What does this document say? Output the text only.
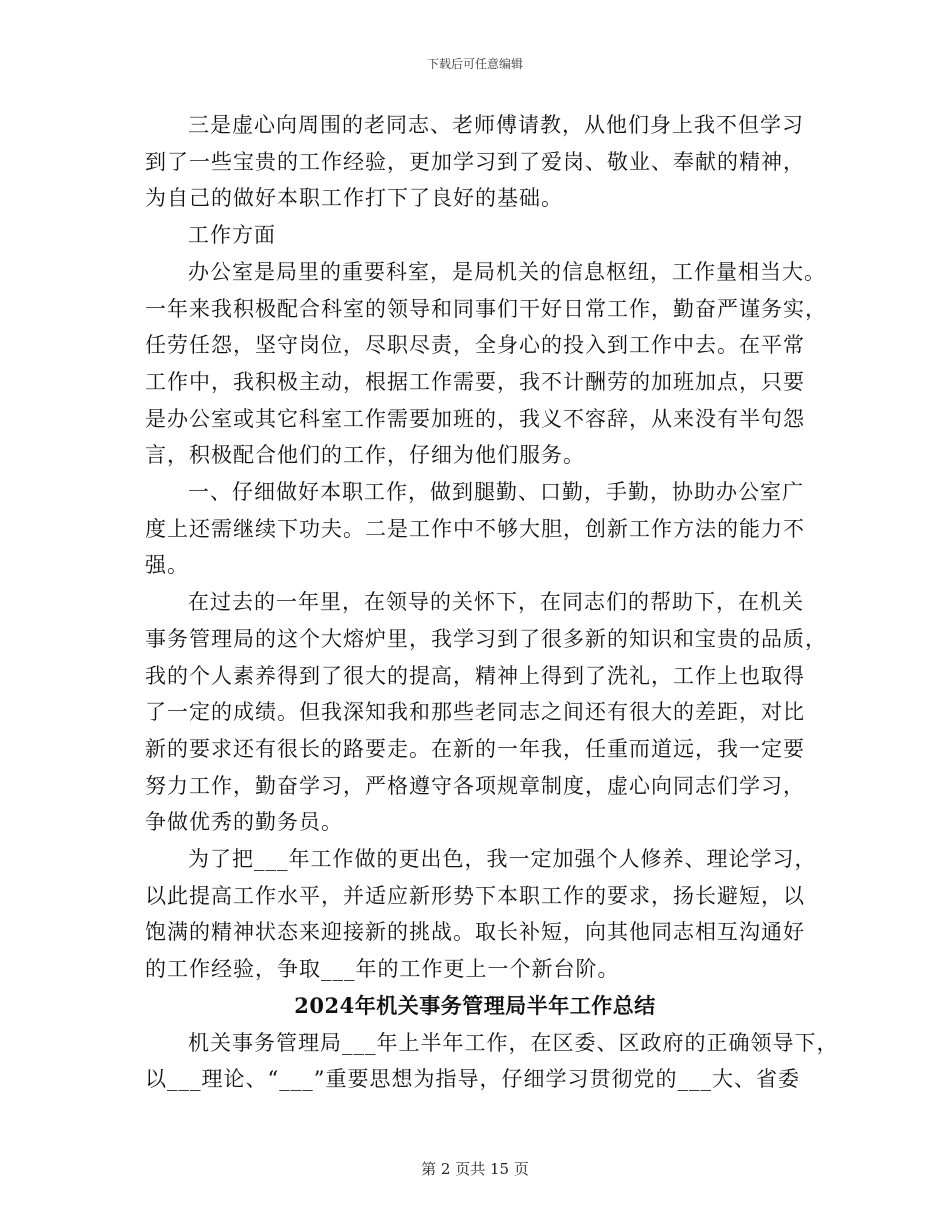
下载后可任意编辑
三是虚心向周围的老同志、老师傅请教，从他们身上我不但学习
到了一些宝贵的工作经验，更加学习到了爱岗、敬业、奉献的精神，
为自己的做好本职工作打下了良好的基础。
工作方面
办公室是局里的重要科室，是局机关的信息枢纽，工作量相当大。
一年来我积极配合科室的领导和同事们干好日常工作，勤奋严谨务实，
任劳任怨，坚守岗位，尽职尽责，全身心的投入到工作中去。在平常
工作中，我积极主动，根据工作需要，我不计酬劳的加班加点，只要
是办公室或其它科室工作需要加班的，我义不容辞，从来没有半句怨
言，积极配合他们的工作，仔细为他们服务。
一、仔细做好本职工作，做到腿勤、口勤，手勤，协助办公室广
度上还需继续下功夫。二是工作中不够大胆，创新工作方法的能力不
强。
在过去的一年里，在领导的关怀下，在同志们的帮助下，在机关
事务管理局的这个大熔炉里，我学习到了很多新的知识和宝贵的品质，
我的个人素养得到了很大的提高，精神上得到了洗礼，工作上也取得
了一定的成绩。但我深知我和那些老同志之间还有很大的差距，对比
新的要求还有很长的路要走。在新的一年我，任重而道远，我一定要
努力工作，勤奋学习，严格遵守各项规章制度，虚心向同志们学习，
争做优秀的勤务员。
为了把___年工作做的更出色，我一定加强个人修养、理论学习，
以此提高工作水平，并适应新形势下本职工作的要求，扬长避短，以
饱满的精神状态来迎接新的挑战。取长补短，向其他同志相互沟通好
的工作经验，争取___年的工作更上一个新台阶。
2024年机关事务管理局半年工作总结
机关事务管理局___年上半年工作，在区委、区政府的正确领导下，
以___理论、“___”重要思想为指导，仔细学习贯彻党的___大、省委
第 2 页共 15 页
